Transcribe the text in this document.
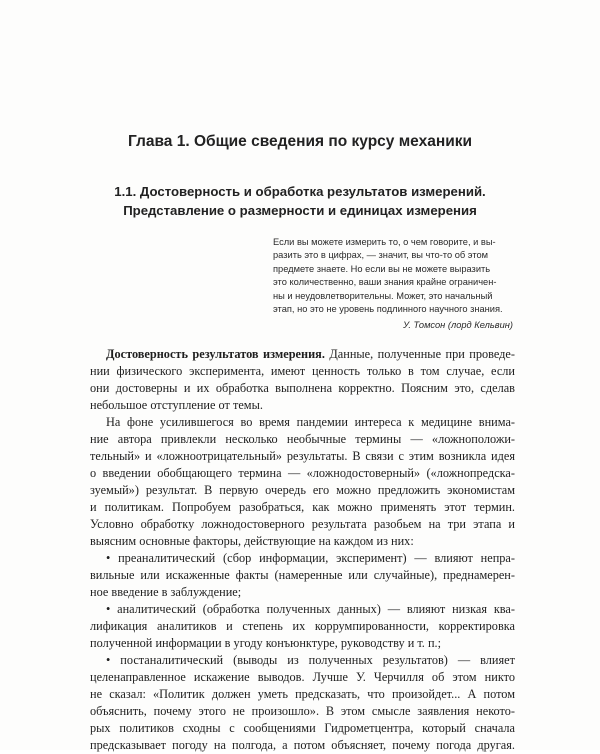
Глава 1. Общие сведения по курсу механики
1.1. Достоверность и обработка результатов измерений.
Представление о размерности и единицах измерения
Если вы можете измерить то, о чем говорите, и вы-
разить это в цифрах, — значит, вы что-то об этом
предмете знаете. Но если вы не можете выразить
это количественно, ваши знания крайне ограничен-
ны и неудовлетворительны. Может, это начальный
этап, но это не уровень подлинного научного знания.
У. Томсон (лорд Кельвин)
Достоверность результатов измерения. Данные, полученные при проведе-
нии физического эксперимента, имеют ценность только в том случае, если
они достоверны и их обработка выполнена корректно. Поясним это, сделав
небольшое отступление от темы.
На фоне усилившегося во время пандемии интереса к медицине внима-
ние автора привлекли несколько необычные термины — «ложноположи-
тельный» и «ложноотрицательный» результаты. В связи с этим возникла идея
о введении обобщающего термина — «ложнодостоверный» («ложнопредска-
зуемый») результат. В первую очередь его можно предложить экономистам
и политикам. Попробуем разобраться, как можно применять этот термин.
Условно обработку ложнодостоверного результата разобьем на три этапа и
выясним основные факторы, действующие на каждом из них:
• преаналитический (сбор информации, эксперимент) — влияют непра-
вильные или искаженные факты (намеренные или случайные), преднамерен-
ное введение в заблуждение;
• аналитический (обработка полученных данных) — влияют низкая ква-
лификация аналитиков и степень их коррумпированности, корректировка
полученной информации в угоду конъюнктуре, руководству и т. п.;
• постаналитический (выводы из полученных результатов) — влияет
целенаправленное искажение выводов. Лучше У. Черчилля об этом никто
не сказал: «Политик должен уметь предсказать, что произойдет... А потом
объяснить, почему этого не произошло». В этом смысле заявления некото-
рых политиков сходны с сообщениями Гидрометцентра, который сначала
предсказывает погоду на полгода, а потом объясняет, почему погода другая.
